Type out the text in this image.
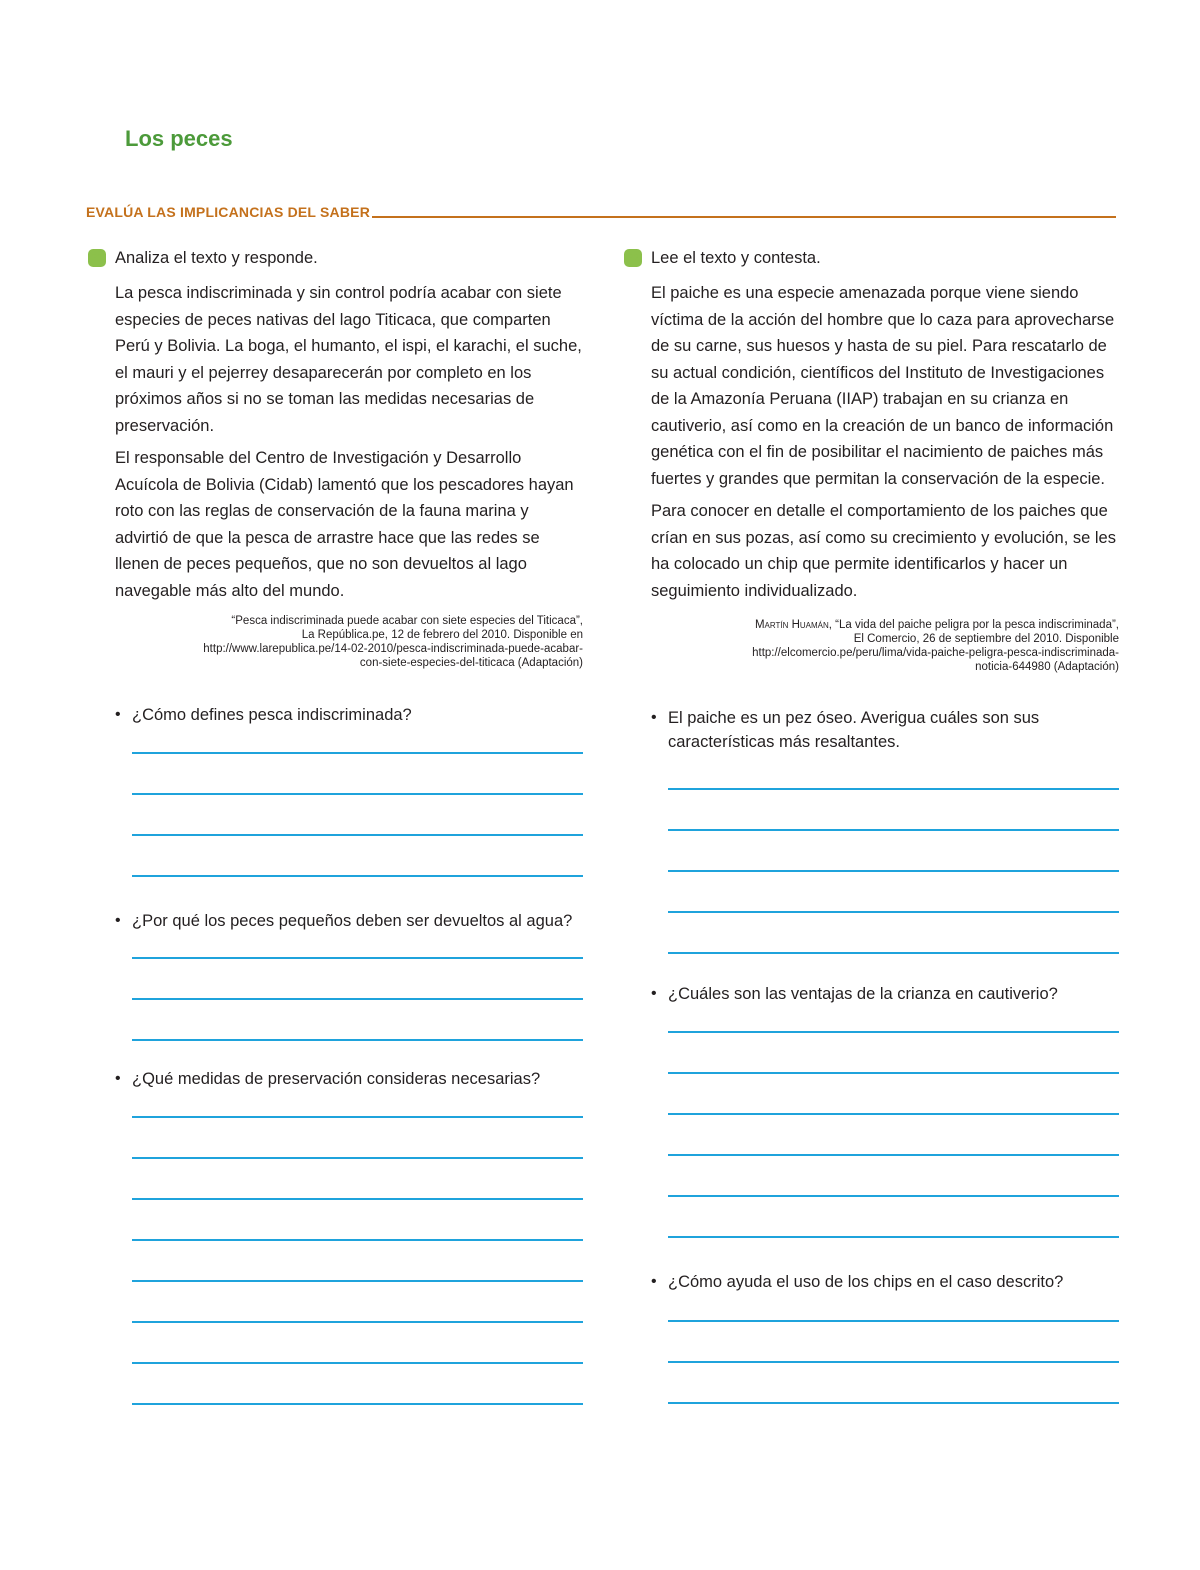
Los peces
EVALÚA LAS IMPLICANCIAS DEL SABER
21 Analiza el texto y responde.

La pesca indiscriminada y sin control podría acabar con siete especies de peces nativas del lago Titicaca, que comparten Perú y Bolivia. La boga, el humanto, el ispi, el karachi, el suche, el mauri y el pejerrey desaparecerán por completo en los próximos años si no se toman las medidas necesarias de preservación.

El responsable del Centro de Investigación y Desarrollo Acuícola de Bolivia (Cidab) lamentó que los pescadores hayan roto con las reglas de conservación de la fauna marina y advirtió de que la pesca de arrastre hace que las redes se llenen de peces pequeños, que no son devueltos al lago navegable más alto del mundo.

“Pesca indiscriminada puede acabar con siete especies del Titicaca”,
La República.pe, 12 de febrero del 2010. Disponible en
http://www.larepublica.pe/14-02-2010/pesca-indiscriminada-puede-acabar-
con-siete-especies-del-titicaca (Adaptación)
• ¿Cómo defines pesca indiscriminada?
• ¿Por qué los peces pequeños deben ser devueltos al agua?
• ¿Qué medidas de preservación consideras necesarias?
22 Lee el texto y contesta.

El paiche es una especie amenazada porque viene siendo víctima de la acción del hombre que lo caza para aprovecharse de su carne, sus huesos y hasta de su piel. Para rescatarlo de su actual condición, científicos del Instituto de Investigaciones de la Amazonía Peruana (IIAP) trabajan en su crianza en cautiverio, así como en la creación de un banco de información genética con el fin de posibilitar el nacimiento de paiches más fuertes y grandes que permitan la conservación de la especie.

Para conocer en detalle el comportamiento de los paiches que crían en sus pozas, así como su crecimiento y evolución, se les ha colocado un chip que permite identificarlos y hacer un seguimiento individualizado.

Martín Huamán, “La vida del paiche peligra por la pesca indiscriminada”,
El Comercio, 26 de septiembre del 2010. Disponible
http://elcomercio.pe/peru/lima/vida-paiche-peligra-pesca-indiscriminada-
noticia-644980 (Adaptación)
• El paiche es un pez óseo. Averigua cuáles son sus características más resaltantes.
• ¿Cuáles son las ventajas de la crianza en cautiverio?
• ¿Cómo ayuda el uso de los chips en el caso descrito?
